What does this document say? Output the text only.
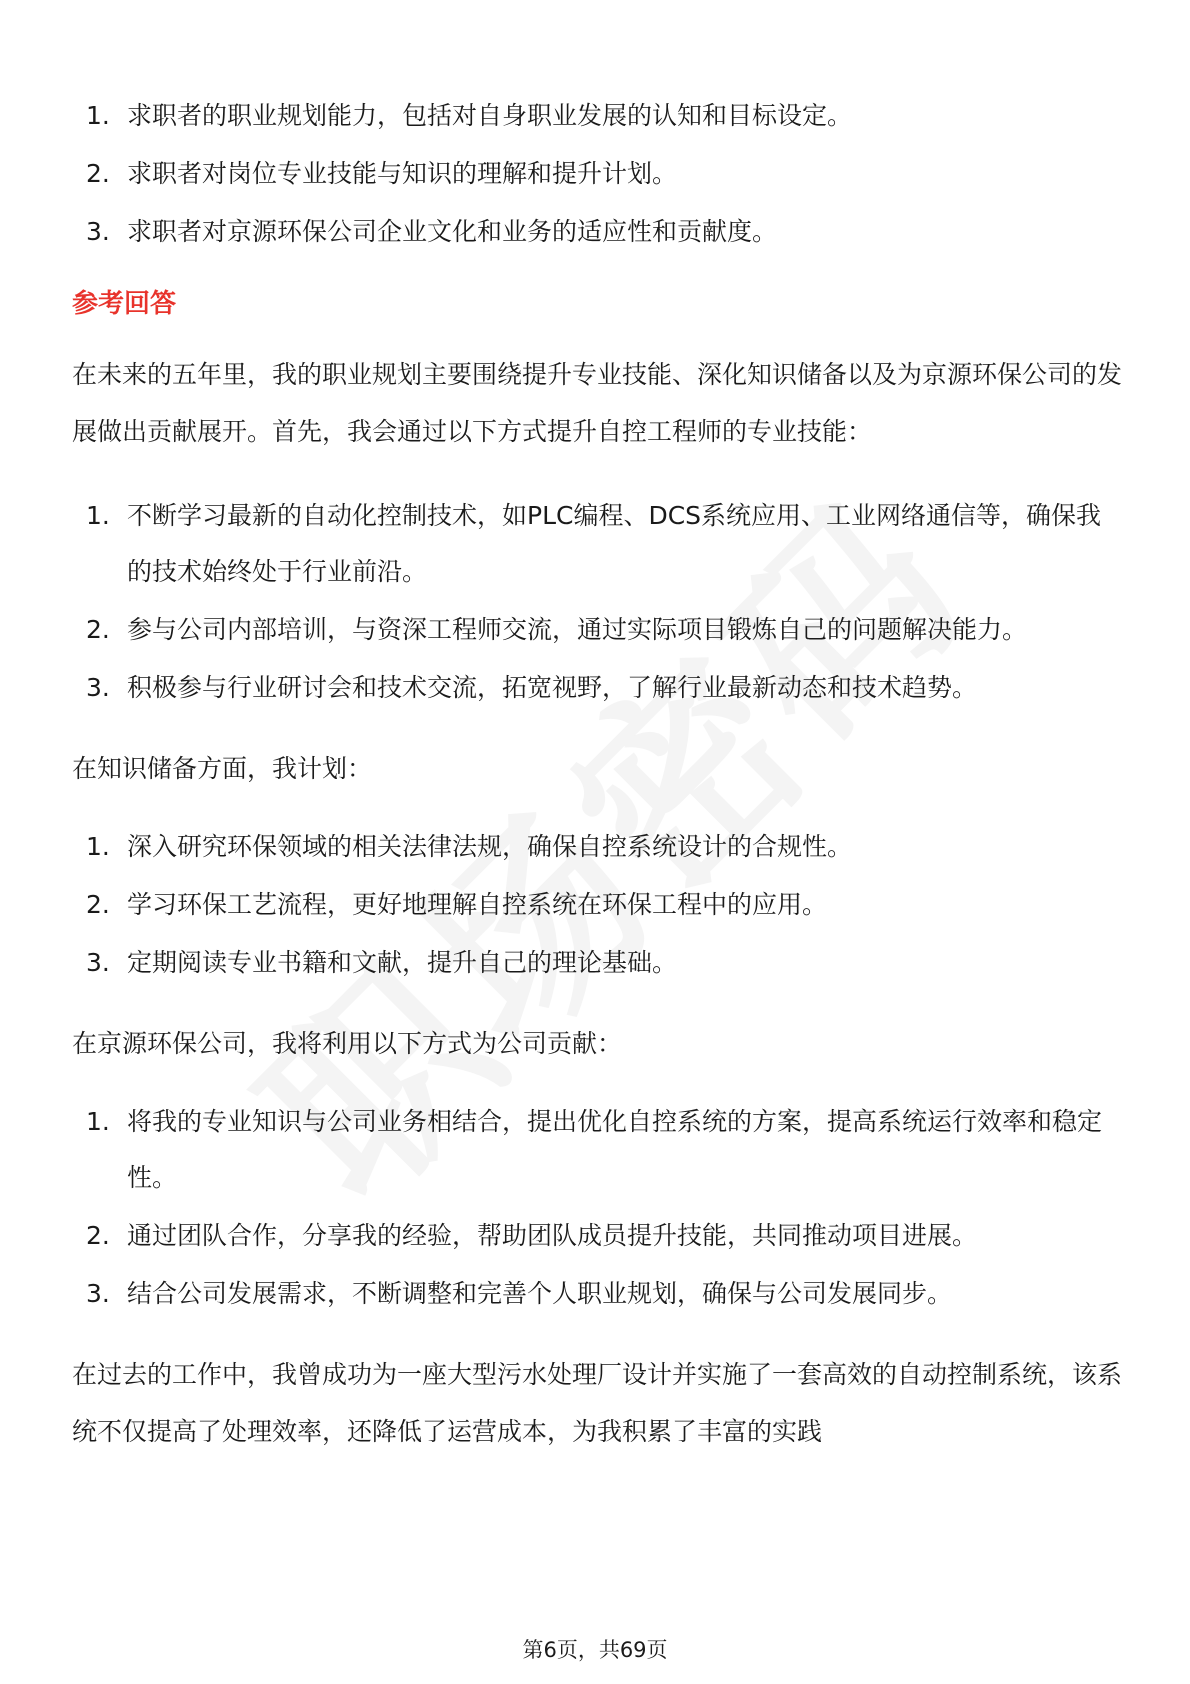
1. 求职者的职业规划能力，包括对自身职业发展的认知和目标设定。
2. 求职者对岗位专业技能与知识的理解和提升计划。
3. 求职者对京源环保公司企业文化和业务的适应性和贡献度。
参考回答

在未来的五年里，我的职业规划主要围绕提升专业技能、深化知识储备以及为京源环保公司的发展做出贡献展开。首先，我会通过以下方式提升自控工程师的专业技能：

1. 不断学习最新的自动化控制技术，如PLC编程、DCS系统应用、工业网络通信等，确保我的技术始终处于行业前沿。
2. 参与公司内部培训，与资深工程师交流，通过实际项目锻炼自己的问题解决能力。
3. 积极参与行业研讨会和技术交流，拓宽视野，了解行业最新动态和技术趋势。

在知识储备方面，我计划：

1. 深入研究环保领域的相关法律法规，确保自控系统设计的合规性。
2. 学习环保工艺流程，更好地理解自控系统在环保工程中的应用。
3. 定期阅读专业书籍和文献，提升自己的理论基础。

在京源环保公司，我将利用以下方式为公司贡献：

1. 将我的专业知识与公司业务相结合，提出优化自控系统的方案，提高系统运行效率和稳定性。
2. 通过团队合作，分享我的经验，帮助团队成员提升技能，共同推动项目进展。
3. 结合公司发展需求，不断调整和完善个人职业规划，确保与公司发展同步。

在过去的工作中，我曾成功为一座大型污水处理厂设计并实施了一套高效的自动控制系统，该系统不仅提高了处理效率，还降低了运营成本，为我积累了丰富的实践

第6页，共69页
